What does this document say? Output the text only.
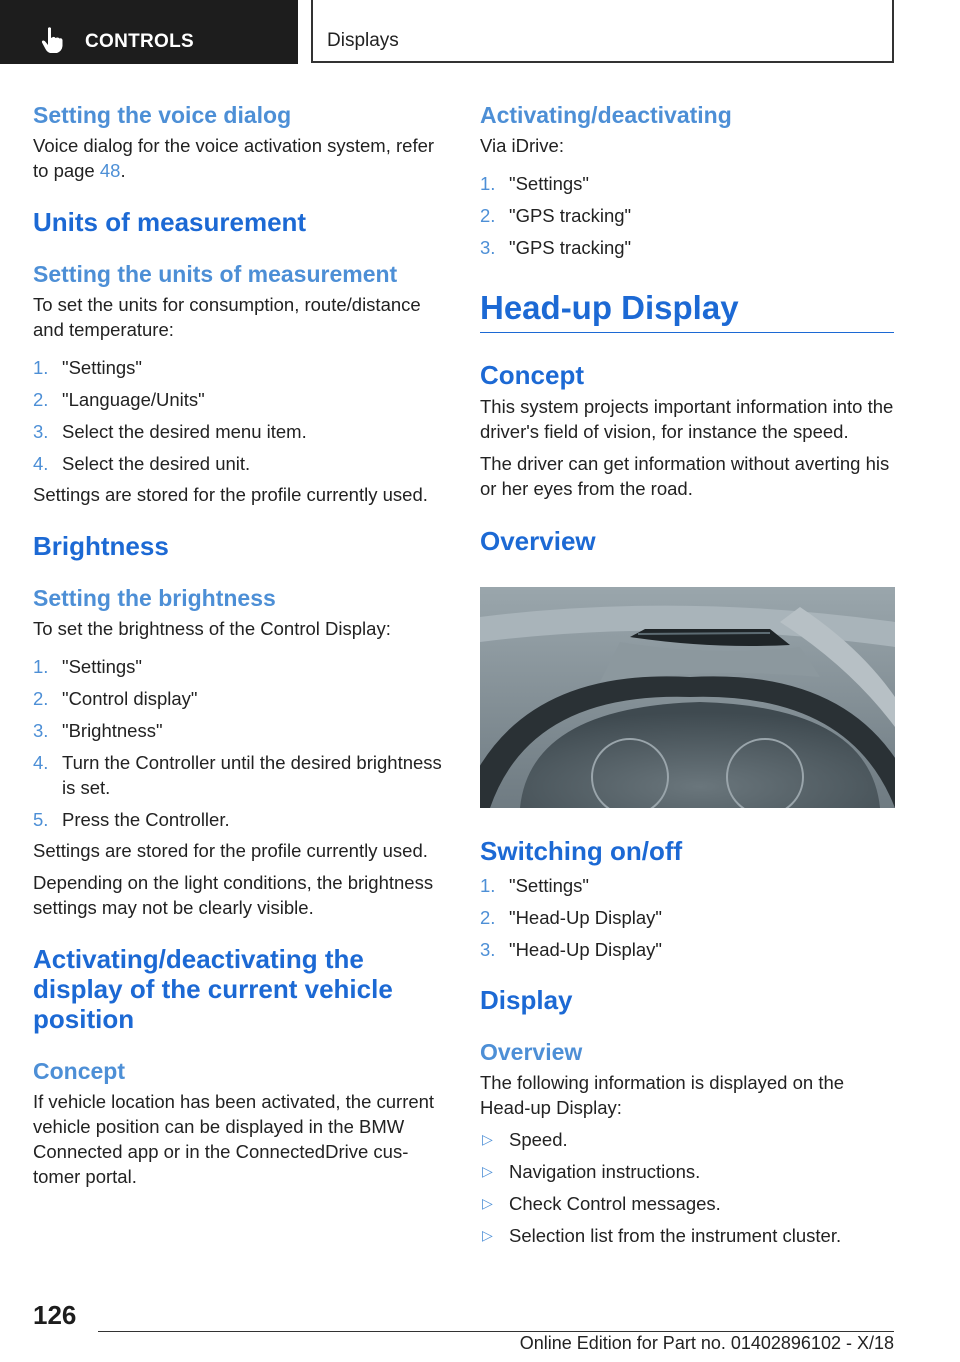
CONTROLS	Displays
Setting the voice dialog

Voice dialog for the voice activation system, refer to page 48.

Units of measurement
Setting the units of measurement

To set the units for consumption, route/distance and temperature:

1. "Settings"
2. "Language/Units"
3. Select the desired menu item.
4. Select the desired unit.

Settings are stored for the profile currently used.

Brightness
Setting the brightness

To set the brightness of the Control Display:

1. "Settings"
2. "Control display"
3. "Brightness"
4. Turn the Controller until the desired brightness is set.
5. Press the Controller.

Settings are stored for the profile currently used.

Depending on the light conditions, the brightness settings may not be clearly visible.

Activating/deactivating the display of the current vehicle position
Concept

If vehicle location has been activated, the current vehicle position can be displayed in the BMW Connected app or in the ConnectedDrive customer portal.

Activating/deactivating

Via iDrive:

1. "Settings"
2. "GPS tracking"
3. "GPS tracking"
Head-up Display
Concept

This system projects important information into the driver's field of vision, for instance the speed.

The driver can get information without averting his or her eyes from the road.

Overview
Switching on/off
1. "Settings"
2. "Head-Up Display"
3. "Head-Up Display"
Display
Overview

The following information is displayed on the Head-up Display:

▷ Speed.
▷ Navigation instructions.
▷ Check Control messages.
▷ Selection list from the instrument cluster.
126
Online Edition for Part no. 01402896102 - X/18
